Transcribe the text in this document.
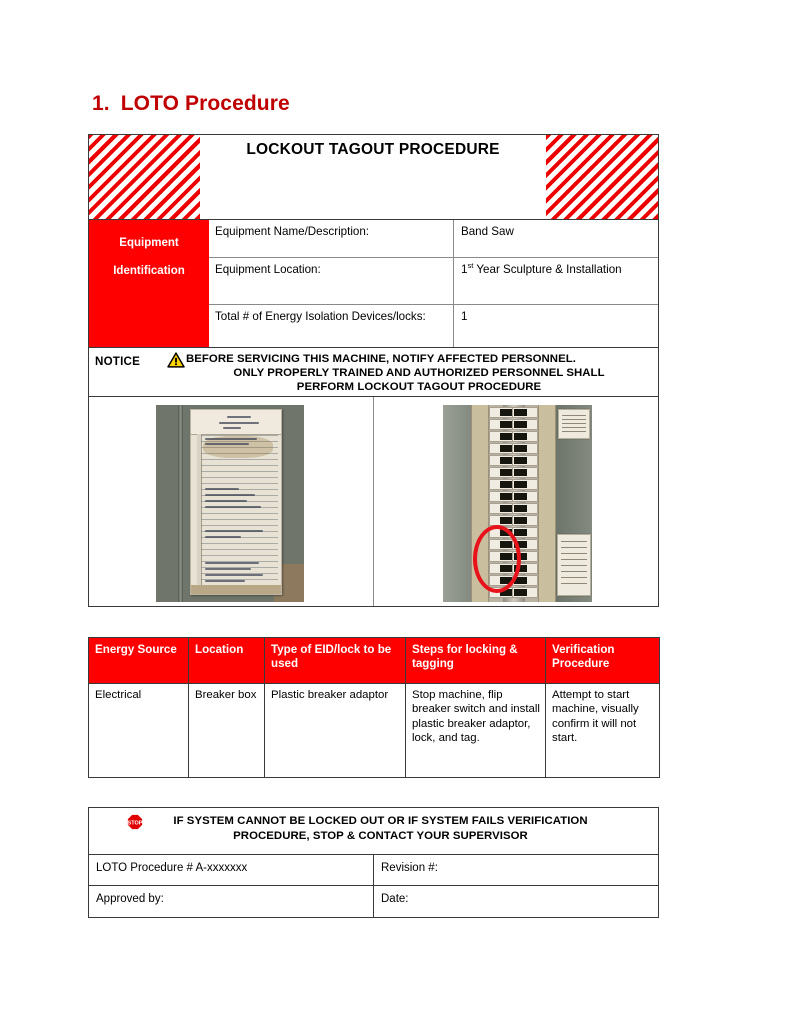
1. LOTO Procedure
LOCKOUT TAGOUT PROCEDURE
Equipment
Identification
Equipment Name/Description:	Band Saw
Equipment Location:	1st Year Sculpture & Installation
Total # of Energy Isolation Devices/locks:	1
NOTICE	BEFORE SERVICING THIS MACHINE, NOTIFY AFFECTED PERSONNEL.
ONLY PROPERLY TRAINED AND AUTHORIZED PERSONNEL SHALL
PERFORM LOCKOUT TAGOUT PROCEDURE
Energy Source	Location	Type of EID/lock to be used	Steps for locking & tagging	Verification Procedure
Electrical	Breaker box	Plastic breaker adaptor	Stop machine, flip breaker switch and install plastic breaker adaptor, lock, and tag.	Attempt to start machine, visually confirm it will not start.
STOP	IF SYSTEM CANNOT BE LOCKED OUT OR IF SYSTEM FAILS VERIFICATION
PROCEDURE, STOP & CONTACT YOUR SUPERVISOR
LOTO Procedure # A-xxxxxxx	Revision #:
Approved by:	Date:
